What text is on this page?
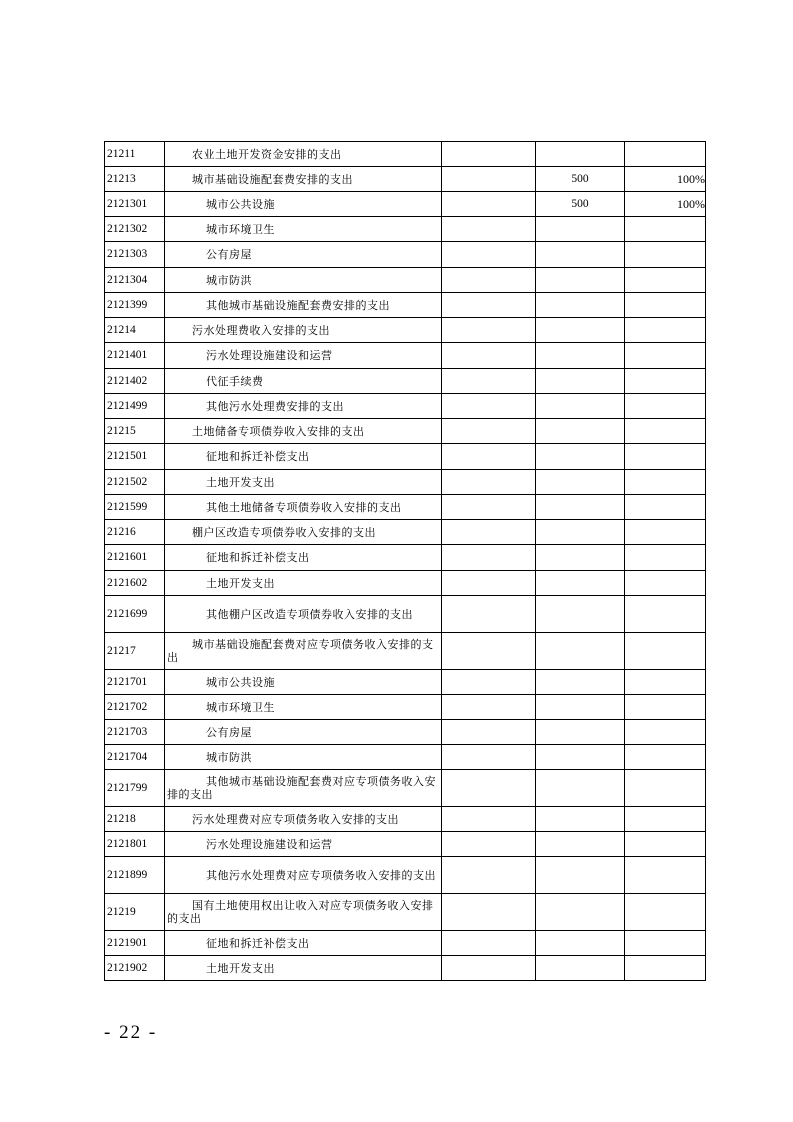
21211	农业土地开发资金安排的支出			
21213	城市基础设施配套费安排的支出		500	100%
2121301	城市公共设施		500	100%
2121302	城市环境卫生			
2121303	公有房屋			
2121304	城市防洪			
2121399	其他城市基础设施配套费安排的支出			
21214	污水处理费收入安排的支出			
2121401	污水处理设施建设和运营			
2121402	代征手续费			
2121499	其他污水处理费安排的支出			
21215	土地储备专项债券收入安排的支出			
2121501	征地和拆迁补偿支出			
2121502	土地开发支出			
2121599	其他土地储备专项债券收入安排的支出			
21216	棚户区改造专项债券收入安排的支出			
2121601	征地和拆迁补偿支出			
2121602	土地开发支出			
2121699	其他棚户区改造专项债券收入安排的支出			
21217	城市基础设施配套费对应专项债务收入安排的支出			
2121701	城市公共设施			
2121702	城市环境卫生			
2121703	公有房屋			
2121704	城市防洪			
2121799	其他城市基础设施配套费对应专项债务收入安排的支出			
21218	污水处理费对应专项债务收入安排的支出			
2121801	污水处理设施建设和运营			
2121899	其他污水处理费对应专项债务收入安排的支出			
21219	国有土地使用权出让收入对应专项债务收入安排的支出			
2121901	征地和拆迁补偿支出			
2121902	土地开发支出			
- 22 -
